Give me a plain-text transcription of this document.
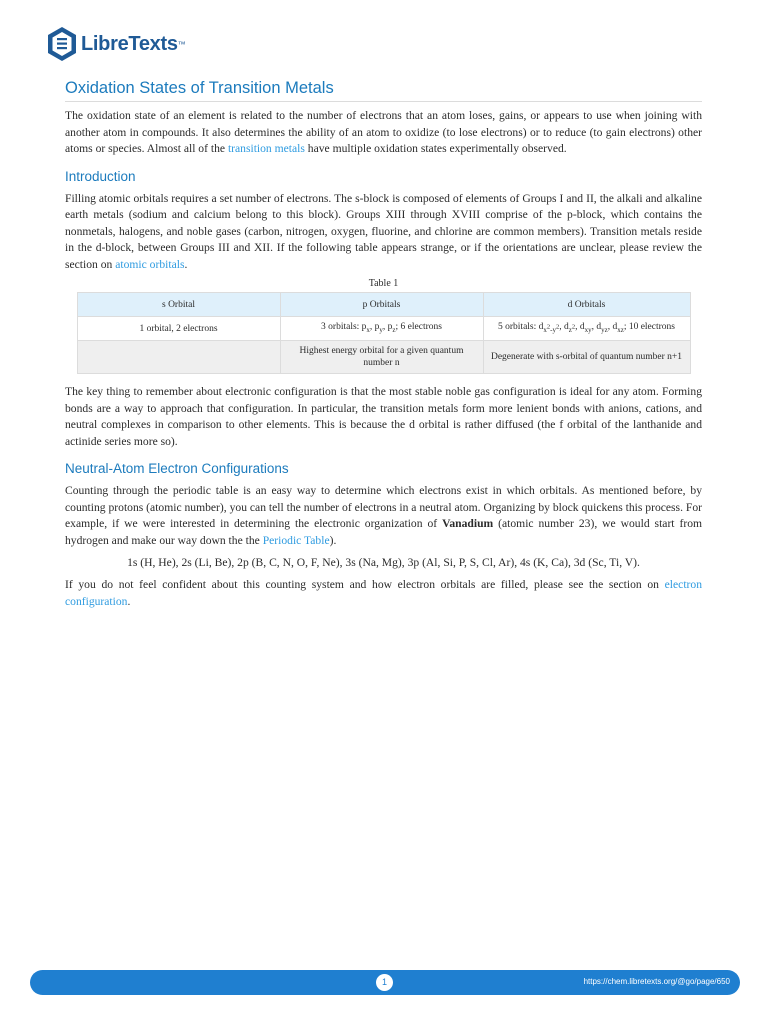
LibreTexts ™
Oxidation States of Transition Metals

The oxidation state of an element is related to the number of electrons that an atom loses, gains, or appears to use when joining with another atom in compounds. It also determines the ability of an atom to oxidize (to lose electrons) or to reduce (to gain electrons) other atoms or species. Almost all of the transition metals have multiple oxidation states experimentally observed.

Introduction

Filling atomic orbitals requires a set number of electrons. The s-block is composed of elements of Groups I and II, the alkali and alkaline earth metals (sodium and calcium belong to this block). Groups XIII through XVIII comprise of the p-block, which contains the nonmetals, halogens, and noble gases (carbon, nitrogen, oxygen, fluorine, and chlorine are common members). Transition metals reside in the d-block, between Groups III and XII. If the following table appears strange, or if the orientations are unclear, please review the section on atomic orbitals.

Table 1
s Orbital	p Orbitals	d Orbitals
1 orbital, 2 electrons	3 orbitals: $p_x$, $p_y$, $p_z$; 6 electrons	5 orbitals: $d_{x^2-y^2}$, $d_{z^2}$, $d_{xy}$, $d_{yz}$, $d_{xz}$; 10 electrons
	Highest energy orbital for a given quantum number n	Degenerate with s-orbital of quantum number n+1

The key thing to remember about electronic configuration is that the most stable noble gas configuration is ideal for any atom. Forming bonds are a way to approach that configuration. In particular, the transition metals form more lenient bonds with anions, cations, and neutral complexes in comparison to other elements. This is because the d orbital is rather diffused (the f orbital of the lanthanide and actinide series more so).

Neutral-Atom Electron Configurations

Counting through the periodic table is an easy way to determine which electrons exist in which orbitals. As mentioned before, by counting protons (atomic number), you can tell the number of electrons in a neutral atom. Organizing by block quickens this process. For example, if we were interested in determining the electronic organization of Vanadium (atomic number 23), we would start from hydrogen and make our way down the the Periodic Table).

1s (H, He), 2s (Li, Be), 2p (B, C, N, O, F, Ne), 3s (Na, Mg), 3p (Al, Si, P, S, Cl, Ar), 4s (K, Ca), 3d (Sc, Ti, V).

If you do not feel confident about this counting system and how electron orbitals are filled, please see the section on electron configuration.

1	https://chem.libretexts.org/@go/page/650
